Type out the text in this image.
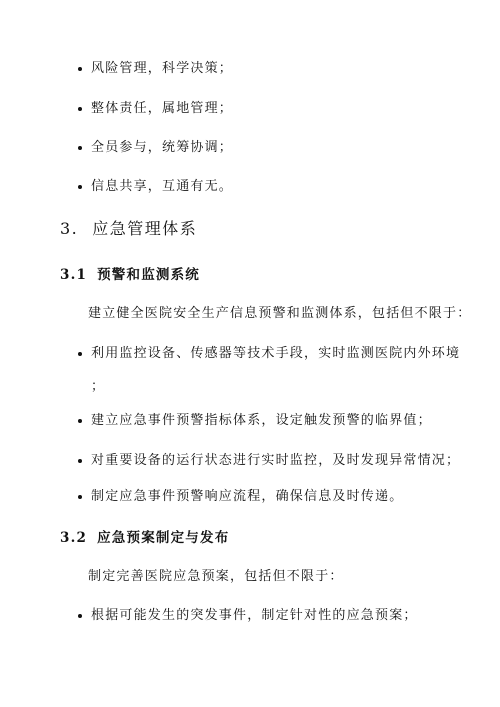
风险管理，科学决策；
整体责任，属地管理；
全员参与，统筹协调；
信息共享，互通有无。
3. 应急管理体系
3.1 预警和监测系统
建立健全医院安全生产信息预警和监测体系，包括但不限于：
利用监控设备、传感器等技术手段，实时监测医院内外环境
；
建立应急事件预警指标体系，设定触发预警的临界值；
对重要设备的运行状态进行实时监控，及时发现异常情况；
制定应急事件预警响应流程，确保信息及时传递。
3.2 应急预案制定与发布
制定完善医院应急预案，包括但不限于：
根据可能发生的突发事件，制定针对性的应急预案；
